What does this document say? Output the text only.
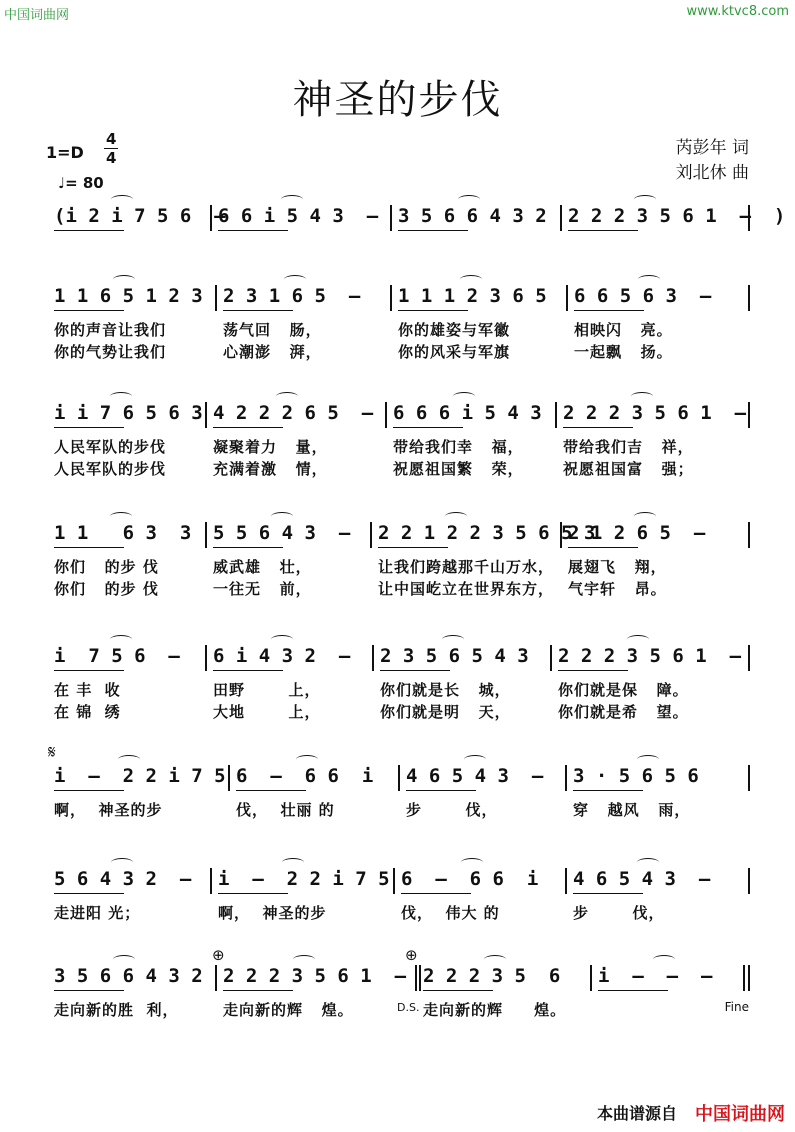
中国词曲网	www.ktvc8.com
神圣的步伐
1=D
4
4
♩= 80
芮彭年 词
刘北休 曲
(i 2 i 7 5 6  –
6 6 i 5 4 3  – 3 5 6 6 4 3 2 2 2 2 3 5 6 1  –  )
1 1 6 5 1 2 3
你的声音让我们
你的气势让我们
2 3 1 6 5  –
荡气回   肠，
心潮澎   湃，
1 1 1 2 3 6 5
你的雄姿与军徽
你的风采与军旗
6 6 5 6 3  –
相映闪   亮。
一起飘   扬。
i i 7 6 5 6 3
人民军队的步伐
人民军队的步伐
4 2 2 2 6 5  –
凝聚着力   量，
充满着激   情，
6 6 6 i 5 4 3
带给我们幸   福，
祝愿祖国繁   荣，
2 2 2 3 5 6 1  –
带给我们吉   祥，
祝愿祖国富   强；
1 1   6 3  3
你们   的步 伐
你们   的步 伐
5 5 6 4 3  –
威武雄   壮，
一往无   前，
2 2 1 2 2 3 5 6 5 3
让我们跨越那千山万水，
让中国屹立在世界东方，
2 1 2 6 5  –
展翅飞   翔，
气宇轩   昂。
i  7 5 6  –
在 丰  收
在 锦  绣
6 i 4 3 2  –
田野       上，
大地       上，
2 3 5 6 5 4 3
你们就是长   城，
你们就是明   天，
2 2 2 3 5 6 1  –
你们就是保   障。
你们就是希   望。
i  –  2 2 i 7 5
啊，  神圣的步
6  –  6 6  i
伐，  壮丽 的
4 6 5 4 3  –
步       伐，
3 · 5 6 5 6
穿   越风   雨，
5 6 4 3 2  –
走进阳 光；
i  –  2 2 i 7 5
啊，  神圣的步
6  –  6 6  i
伐，  伟大 的
4 6 5 4 3  –
步       伐，
3 5 6 6 4 3 2
走向新的胜  利，
2 2 2 3 5 6 1  –
走向新的辉   煌。
2 2 2 3 5  6
走向新的辉     煌。
i  –  –  –
𝄋
⊕	⊕
D.S.	Fine
本曲谱源自 中国词曲网
